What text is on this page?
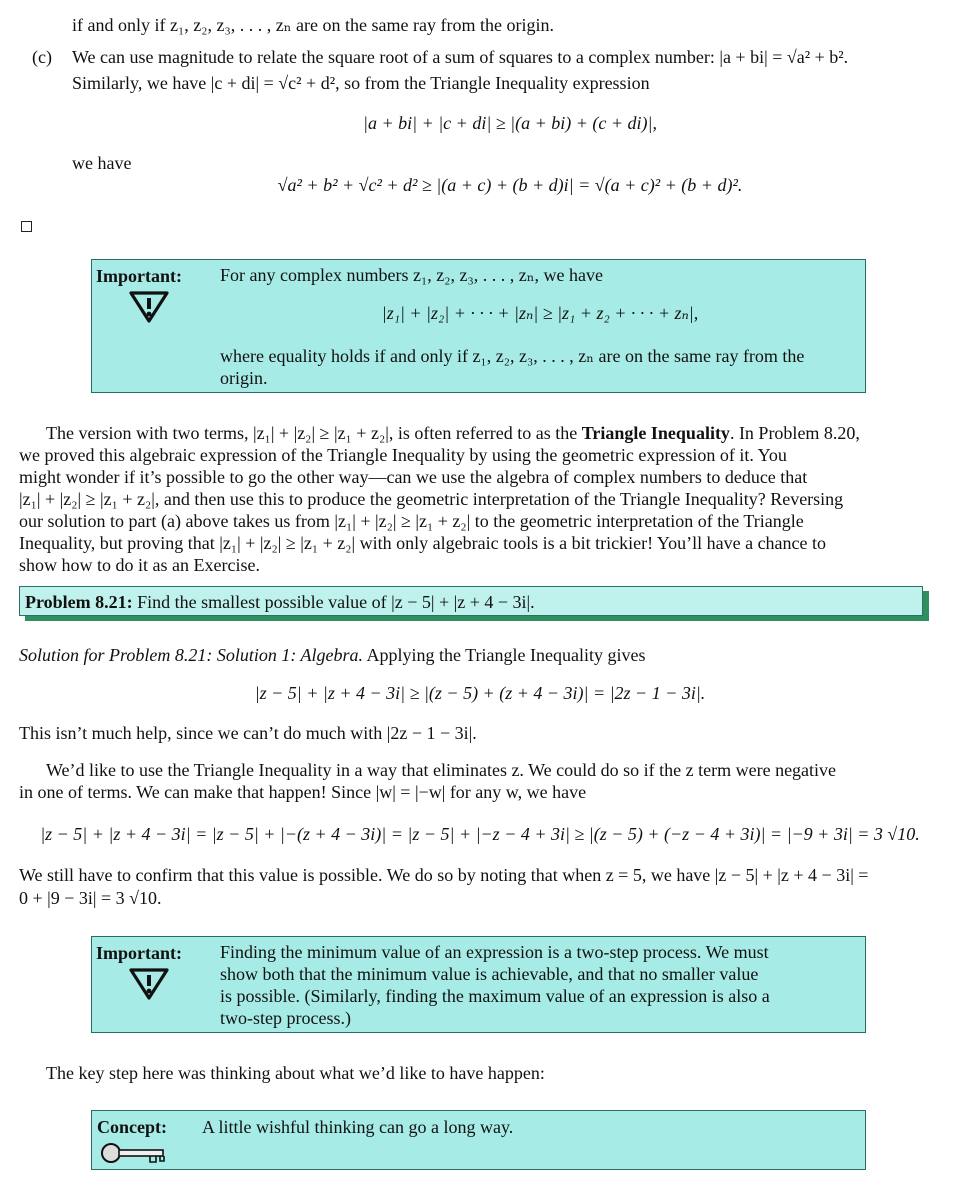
if and only if z₁, z₂, z₃, . . . , zₙ are on the same ray from the origin.
(c) We can use magnitude to relate the square root of a sum of squares to a complex number: |a + bi| = √a² + b².
Similarly, we have |c + di| = √c² + d², so from the Triangle Inequality expression
|a + bi| + |c + di| ≥ |(a + bi) + (c + di)|,
we have
√a² + b² + √c² + d² ≥ |(a + c) + (b + d)i| = √(a + c)² + (b + d)².
Important: For any complex numbers z₁, z₂, z₃, . . . , zₙ, we have
|z₁| + |z₂| + · · · + |zₙ| ≥ |z₁ + z₂ + · · · + zₙ|,
where equality holds if and only if z₁, z₂, z₃, . . . , zₙ are on the same ray from the
origin.
The version with two terms, |z₁| + |z₂| ≥ |z₁ + z₂|, is often referred to as the Triangle Inequality. In Problem 8.20,
we proved this algebraic expression of the Triangle Inequality by using the geometric expression of it. You
might wonder if it’s possible to go the other way—can we use the algebra of complex numbers to deduce that
|z₁| + |z₂| ≥ |z₁ + z₂|, and then use this to produce the geometric interpretation of the Triangle Inequality? Reversing
our solution to part (a) above takes us from |z₁| + |z₂| ≥ |z₁ + z₂| to the geometric interpretation of the Triangle
Inequality, but proving that |z₁| + |z₂| ≥ |z₁ + z₂| with only algebraic tools is a bit trickier! You’ll have a chance to
show how to do it as an Exercise.
Problem 8.21: Find the smallest possible value of |z − 5| + |z + 4 − 3i|.
Solution for Problem 8.21: Solution 1: Algebra. Applying the Triangle Inequality gives
|z − 5| + |z + 4 − 3i| ≥ |(z − 5) + (z + 4 − 3i)| = |2z − 1 − 3i|.
This isn’t much help, since we can’t do much with |2z − 1 − 3i|.
We’d like to use the Triangle Inequality in a way that eliminates z. We could do so if the z term were negative
in one of terms. We can make that happen! Since |w| = |−w| for any w, we have
|z − 5| + |z + 4 − 3i| = |z − 5| + |−(z + 4 − 3i)| = |z − 5| + |−z − 4 + 3i| ≥ |(z − 5) + (−z − 4 + 3i)| = |−9 + 3i| = 3 √10.
We still have to confirm that this value is possible. We do so by noting that when z = 5, we have |z − 5| + |z + 4 − 3i| =
0 + |9 − 3i| = 3 √10.
Important: Finding the minimum value of an expression is a two-step process. We must
show both that the minimum value is achievable, and that no smaller value
is possible. (Similarly, finding the maximum value of an expression is also a
two-step process.)
The key step here was thinking about what we’d like to have happen:
Concept: A little wishful thinking can go a long way.
